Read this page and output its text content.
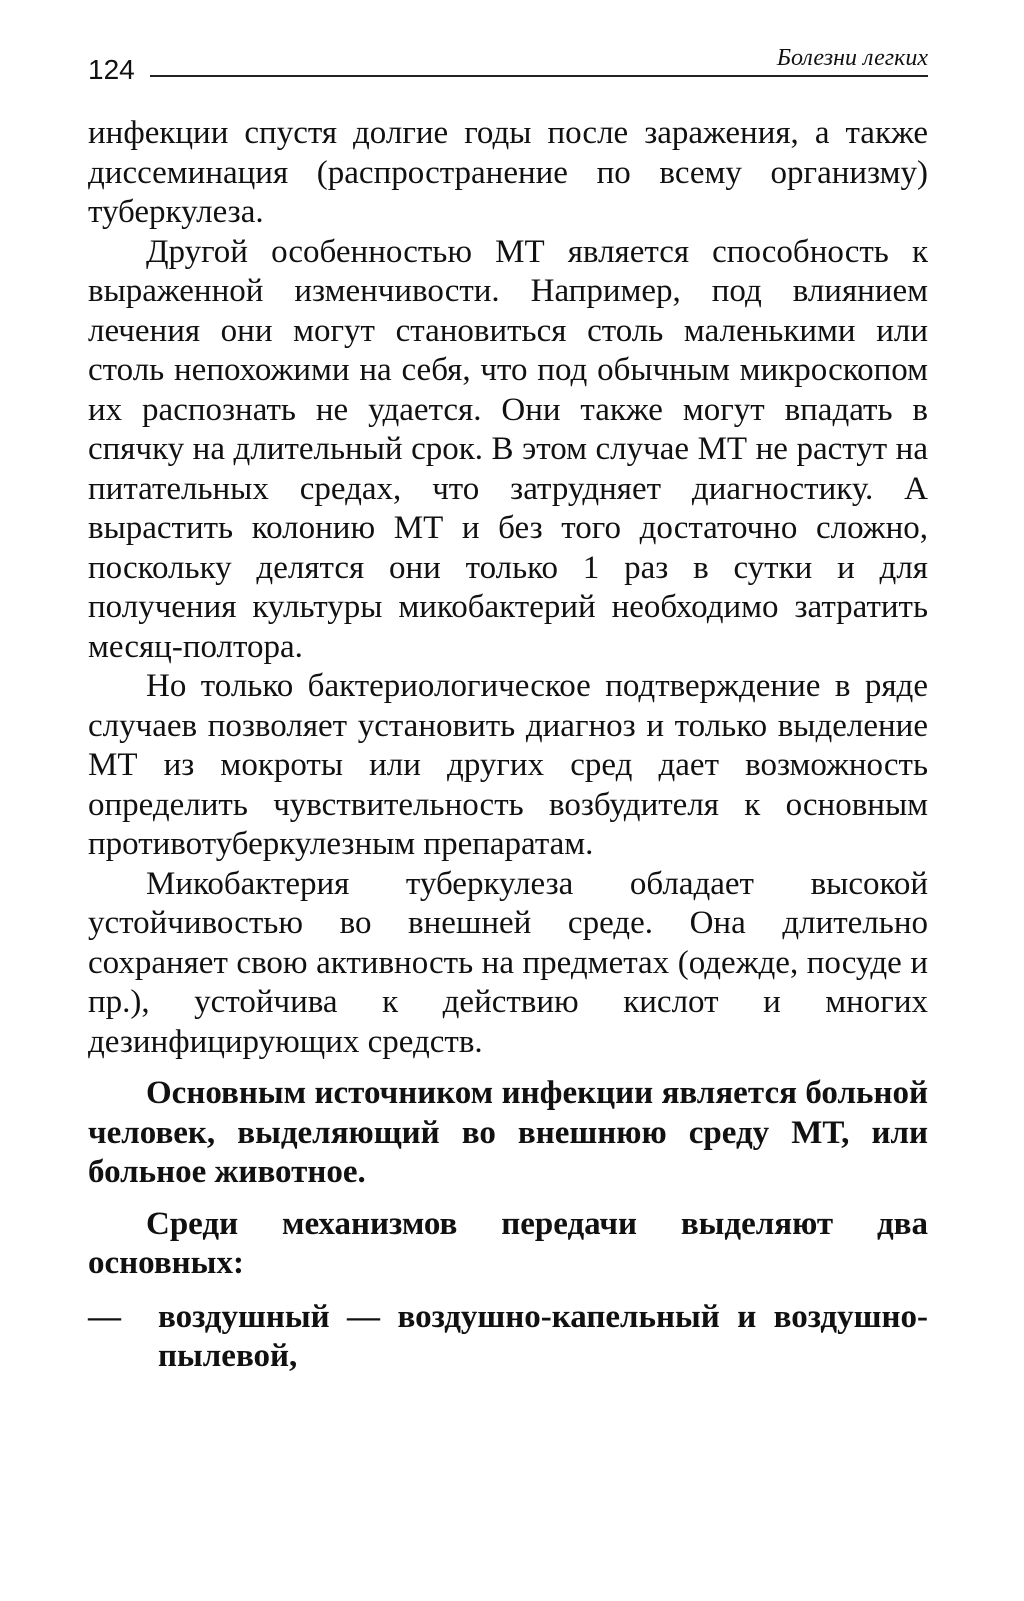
124	Болезни легких

инфекции спустя долгие годы после заражения, а также диссеминация (распространение по всему организму) туберкулеза.

Другой особенностью МТ является способность к выраженной изменчивости. Например, под влиянием лечения они могут становиться столь маленькими или столь непохожими на себя, что под обычным микроскопом их распознать не удается. Они также могут впадать в спячку на длительный срок. В этом случае МТ не растут на питательных средах, что затрудняет диагностику. А вырастить колонию МТ и без того достаточно сложно, поскольку делятся они только 1 раз в сутки и для получения культуры микобактерий необходимо затратить месяц-полтора.

Но только бактериологическое подтверждение в ряде случаев позволяет установить диагноз и только выделение МТ из мокроты или других сред дает возможность определить чувствительность возбудителя к основным противотуберкулезным препаратам.

Микобактерия туберкулеза обладает высокой устойчивостью во внешней среде. Она длительно сохраняет свою активность на предметах (одежде, посуде и пр.), устойчива к действию кислот и многих дезинфицирующих средств.

Основным источником инфекции является больной человек, выделяющий во внешнюю среду МТ, или больное животное.

Среди механизмов передачи выделяют два основных:

— воздушный — воздушно-капельный и воздушно-пылевой,
